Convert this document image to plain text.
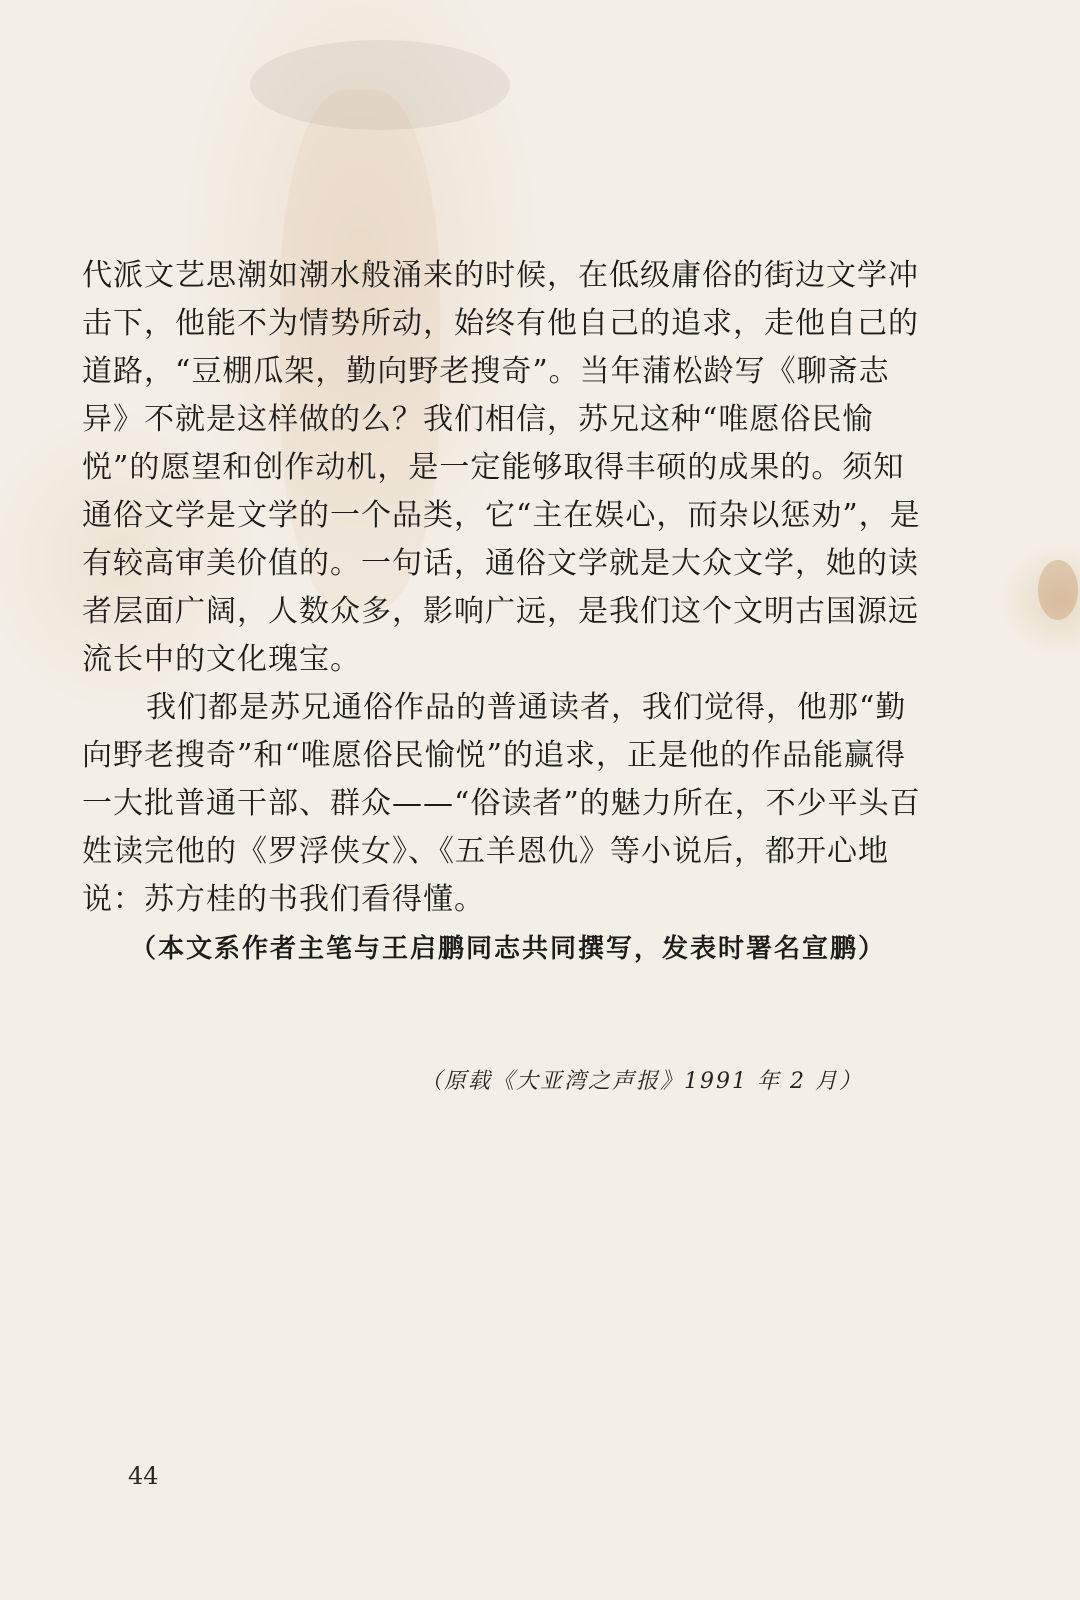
代派文艺思潮如潮水般涌来的时候，在低级庸俗的街边文学冲击下，他能不为情势所动，始终有他自己的追求，走他自己的道路，“豆棚瓜架，勤向野老搜奇”。当年蒲松龄写《聊斋志异》不就是这样做的么？我们相信，苏兄这种“唯愿俗民愉悦”的愿望和创作动机，是一定能够取得丰硕的成果的。须知通俗文学是文学的一个品类，它“主在娱心，而杂以惩劝”，是有较高审美价值的。一句话，通俗文学就是大众文学，她的读者层面广阔，人数众多，影响广远，是我们这个文明古国源远流长中的文化瑰宝。

我们都是苏兄通俗作品的普通读者，我们觉得，他那“勤向野老搜奇”和“唯愿俗民愉悦”的追求，正是他的作品能赢得一大批普通干部、群众——“俗读者”的魅力所在，不少平头百姓读完他的《罗浮侠女》、《五羊恩仇》等小说后，都开心地说：苏方桂的书我们看得懂。

（本文系作者主笔与王启鹏同志共同撰写，发表时署名宣鹏）

（原载《大亚湾之声报》1991 年 2 月）
44
